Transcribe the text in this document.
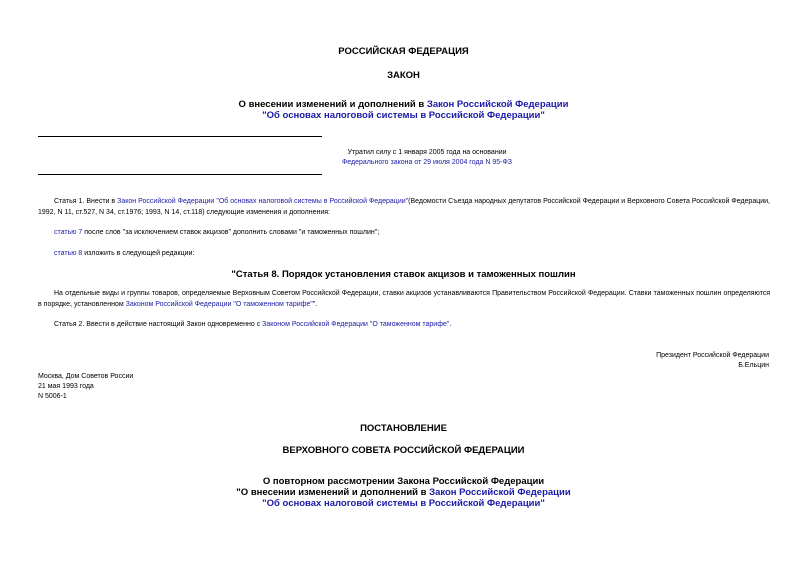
РОССИЙСКАЯ ФЕДЕРАЦИЯ
ЗАКОН
О внесении изменений и дополнений в Закон Российской Федерации
"Об основах налоговой системы в Российской Федерации"
Утратил силу с 1 января 2005 года на основании
Федерального закона от 29 июля 2004 года N 95-ФЗ
Статья 1. Внести в Закон Российской Федерации "Об основах налоговой системы в Российской Федерации"(Ведомости Съезда народных депутатов Российской Федерации и Верховного Совета Российской Федерации, 1992, N 11, ст.527, N 34, ст.1976; 1993, N 14, ст.118) следующие изменения и дополнения:
статью 7 после слов "за исключением ставок акцизов" дополнить словами "и таможенных пошлин";
статью 8 изложить в следующей редакции:
"Статья 8. Порядок установления ставок акцизов и таможенных пошлин
На отдельные виды и группы товаров, определяемые Верховным Советом Российской Федерации, ставки акцизов устанавливаются Правительством Российской Федерации. Ставки таможенных пошлин определяются в порядке, установленном Законом Российской Федерации "О таможенном тарифе"".
Статья 2. Ввести в действие настоящий Закон одновременно с Законом Российской Федерации "О таможенном тарифе".
Президент Российской Федерации
Б.Ельцин
Москва, Дом Советов России
21 мая 1993 года
N 5006-1
ПОСТАНОВЛЕНИЕ
ВЕРХОВНОГО СОВЕТА РОССИЙСКОЙ ФЕДЕРАЦИИ
О повторном рассмотрении Закона Российской Федерации
"О внесении изменений и дополнений в Закон Российской Федерации
"Об основах налоговой системы в Российской Федерации"
